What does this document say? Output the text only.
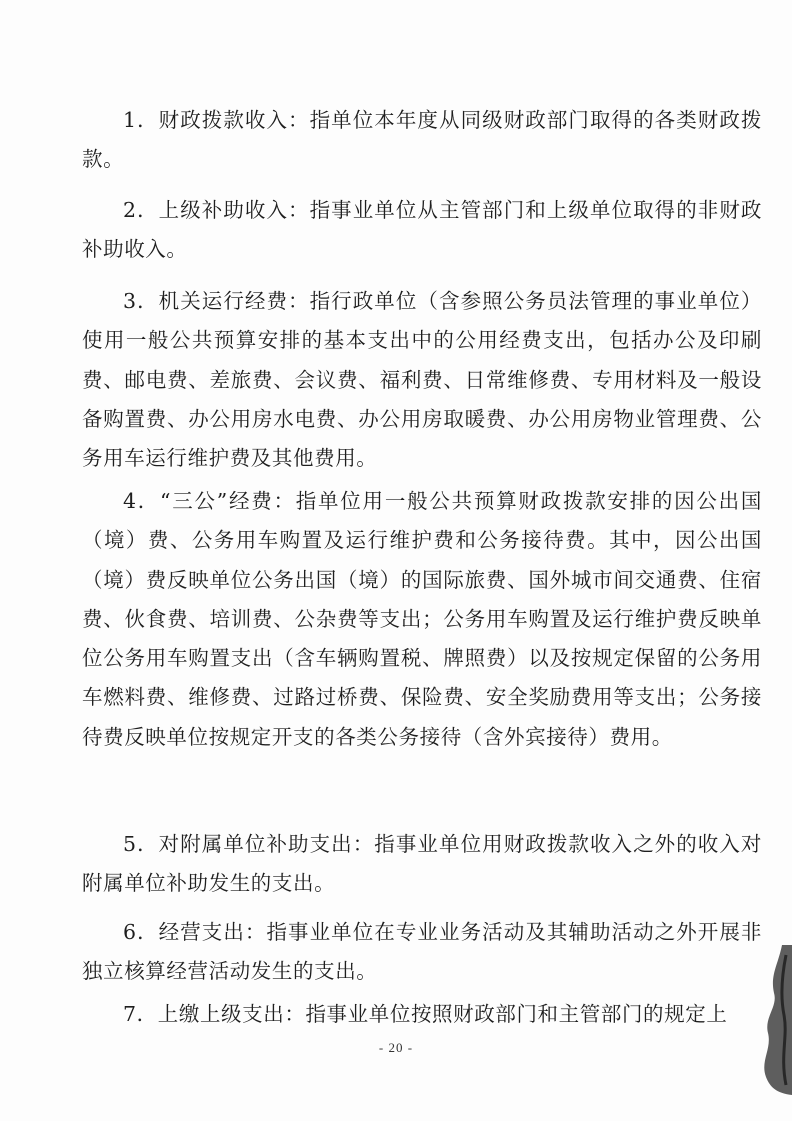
1．财政拨款收入：指单位本年度从同级财政部门取得的各类财政拨款。

2．上级补助收入：指事业单位从主管部门和上级单位取得的非财政补助收入。

3．机关运行经费：指行政单位（含参照公务员法管理的事业单位）使用一般公共预算安排的基本支出中的公用经费支出，包括办公及印刷费、邮电费、差旅费、会议费、福利费、日常维修费、专用材料及一般设备购置费、办公用房水电费、办公用房取暖费、办公用房物业管理费、公务用车运行维护费及其他费用。

4．“三公”经费：指单位用一般公共预算财政拨款安排的因公出国（境）费、公务用车购置及运行维护费和公务接待费。其中，因公出国（境）费反映单位公务出国（境）的国际旅费、国外城市间交通费、住宿费、伙食费、培训费、公杂费等支出；公务用车购置及运行维护费反映单位公务用车购置支出（含车辆购置税、牌照费）以及按规定保留的公务用车燃料费、维修费、过路过桥费、保险费、安全奖励费用等支出；公务接待费反映单位按规定开支的各类公务接待（含外宾接待）费用。

5．对附属单位补助支出：指事业单位用财政拨款收入之外的收入对附属单位补助发生的支出。

6．经营支出：指事业单位在专业业务活动及其辅助活动之外开展非独立核算经营活动发生的支出。

7．上缴上级支出：指事业单位按照财政部门和主管部门的规定上

- 20 -
